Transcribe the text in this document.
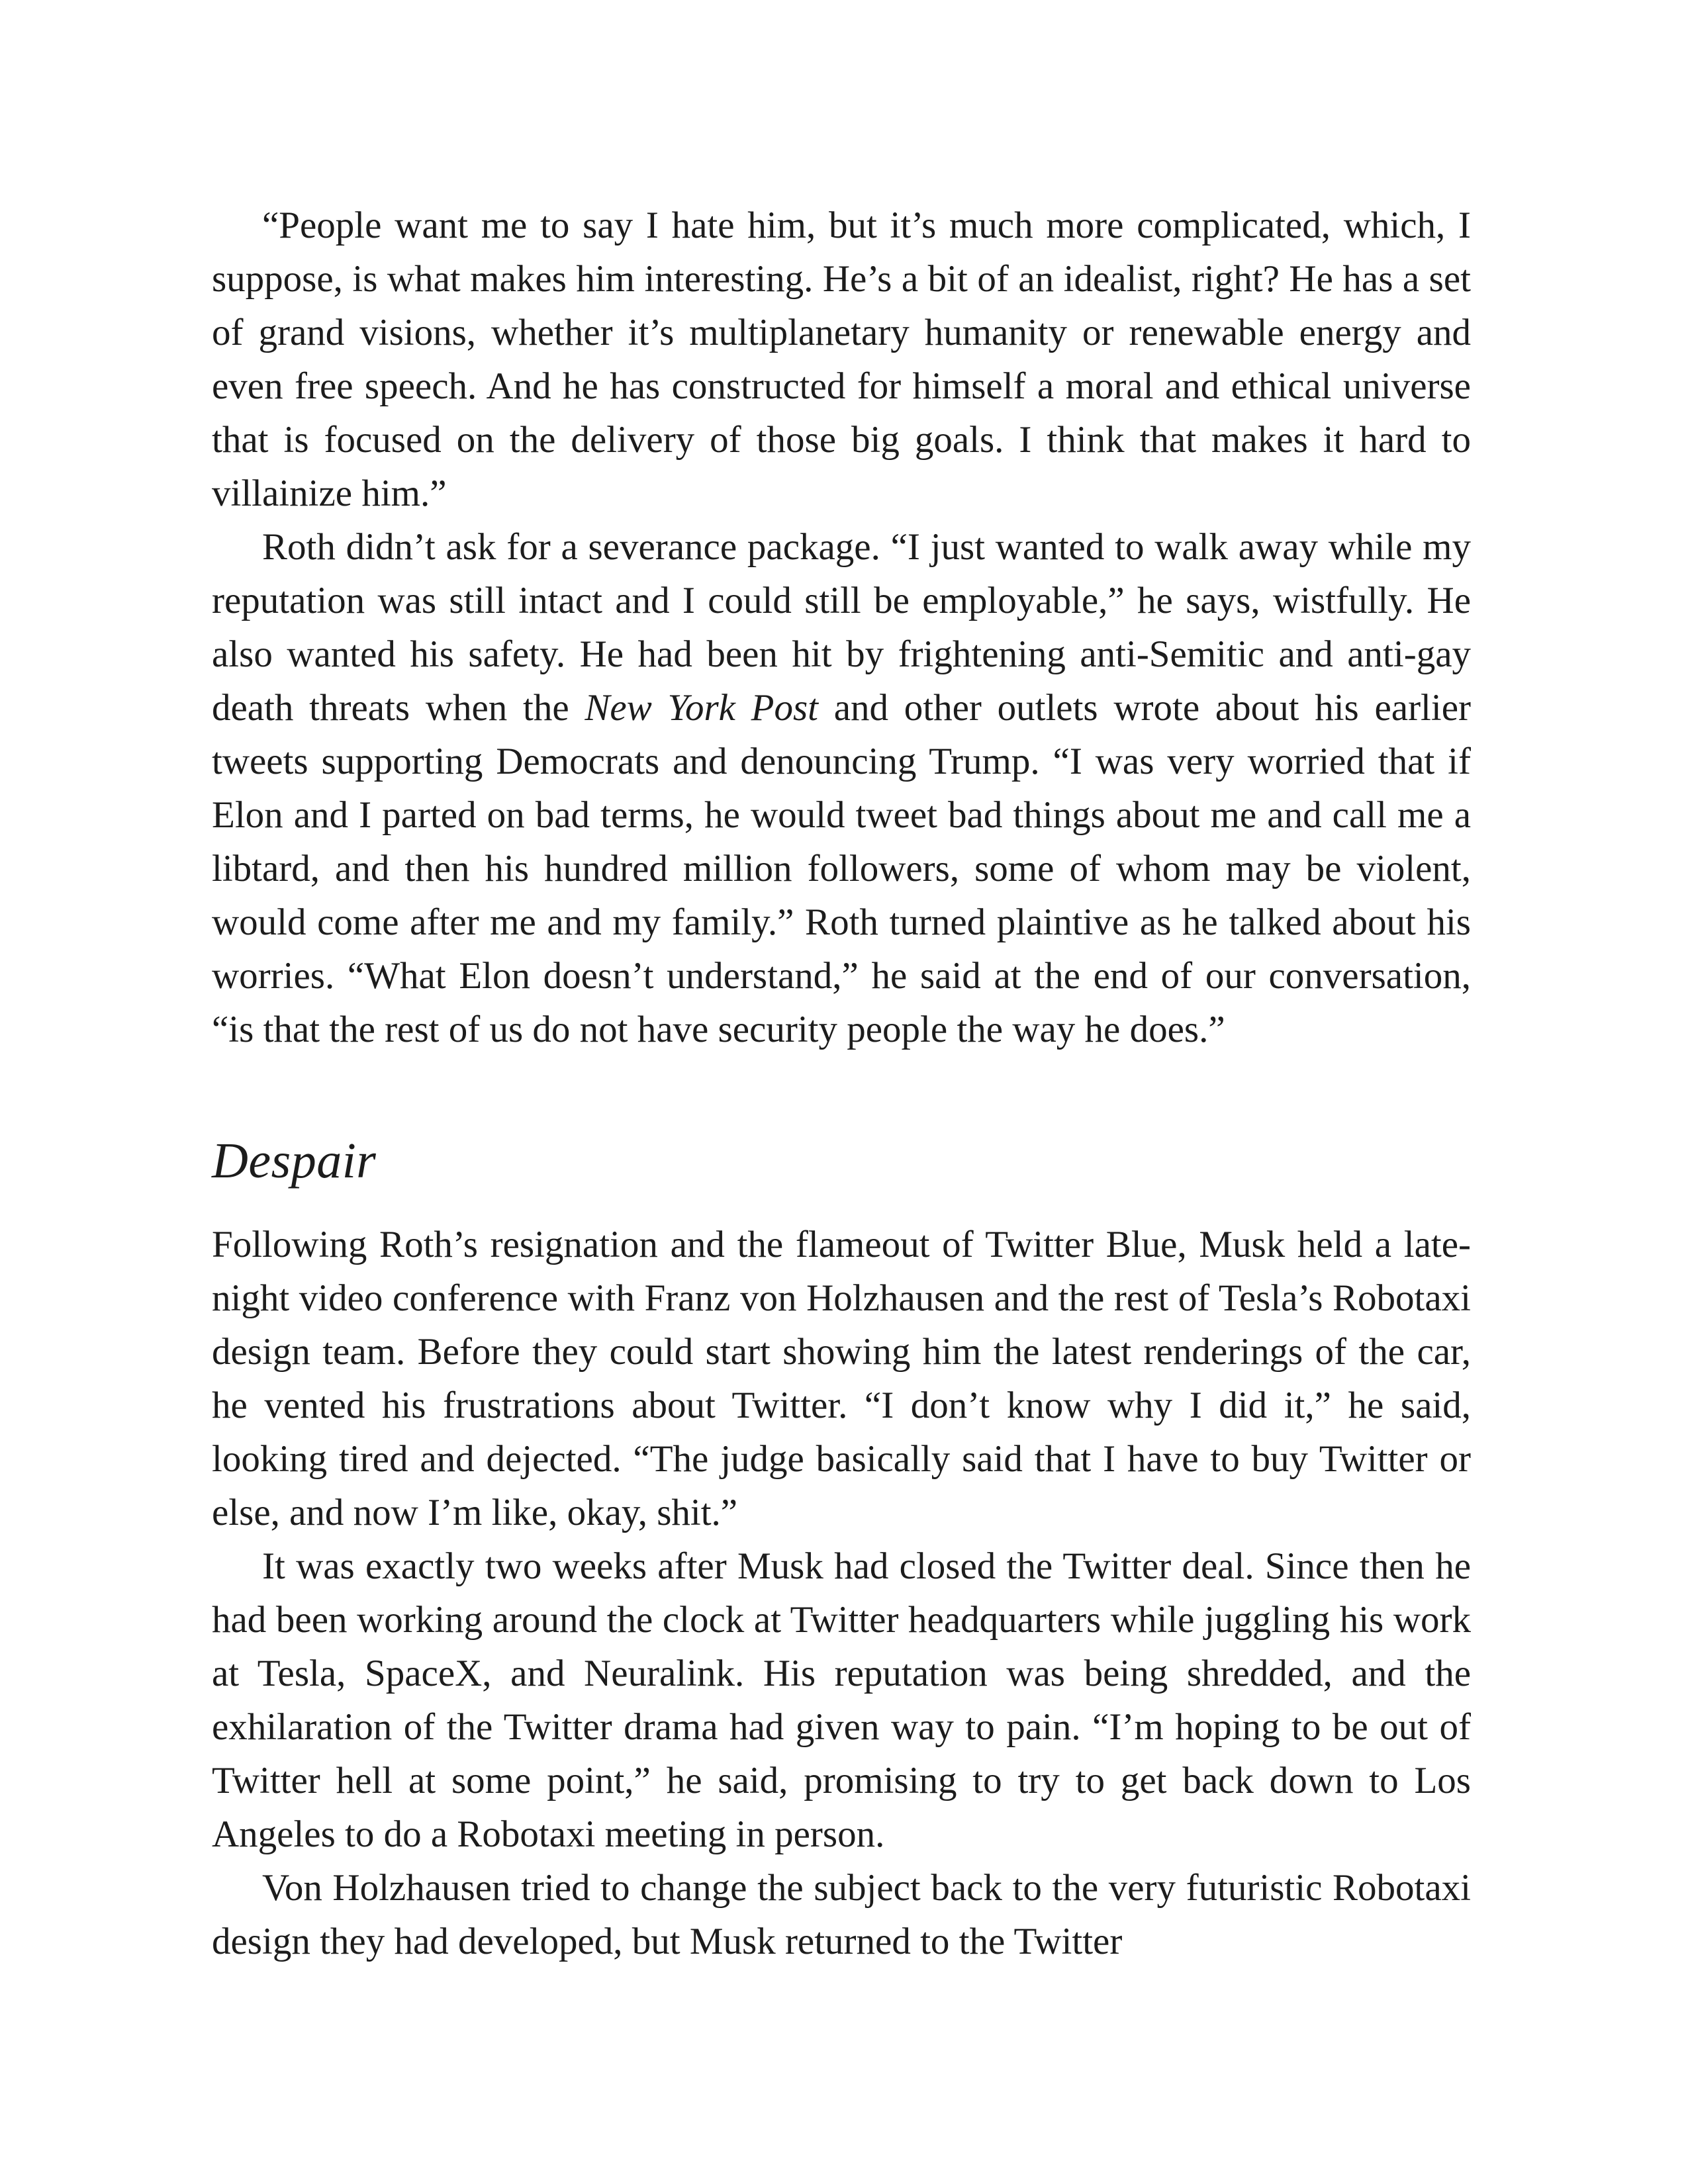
“People want me to say I hate him, but it’s much more complicated, which, I suppose, is what makes him interesting. He’s a bit of an idealist, right? He has a set of grand visions, whether it’s multiplanetary humanity or renewable energy and even free speech. And he has constructed for himself a moral and ethical universe that is focused on the delivery of those big goals. I think that makes it hard to villainize him.”

Roth didn’t ask for a severance package. “I just wanted to walk away while my reputation was still intact and I could still be employable,” he says, wistfully. He also wanted his safety. He had been hit by frightening anti-Semitic and anti-gay death threats when the New York Post and other outlets wrote about his earlier tweets supporting Democrats and denouncing Trump. “I was very worried that if Elon and I parted on bad terms, he would tweet bad things about me and call me a libtard, and then his hundred million followers, some of whom may be violent, would come after me and my family.” Roth turned plaintive as he talked about his worries. “What Elon doesn’t understand,” he said at the end of our conversation, “is that the rest of us do not have security people the way he does.”

Despair

Following Roth’s resignation and the flameout of Twitter Blue, Musk held a late-night video conference with Franz von Holzhausen and the rest of Tesla’s Robotaxi design team. Before they could start showing him the latest renderings of the car, he vented his frustrations about Twitter. “I don’t know why I did it,” he said, looking tired and dejected. “The judge basically said that I have to buy Twitter or else, and now I’m like, okay, shit.”

It was exactly two weeks after Musk had closed the Twitter deal. Since then he had been working around the clock at Twitter headquarters while juggling his work at Tesla, SpaceX, and Neuralink. His reputation was being shredded, and the exhilaration of the Twitter drama had given way to pain. “I’m hoping to be out of Twitter hell at some point,” he said, promising to try to get back down to Los Angeles to do a Robotaxi meeting in person.

Von Holzhausen tried to change the subject back to the very futuristic Robotaxi design they had developed, but Musk returned to the Twitter
